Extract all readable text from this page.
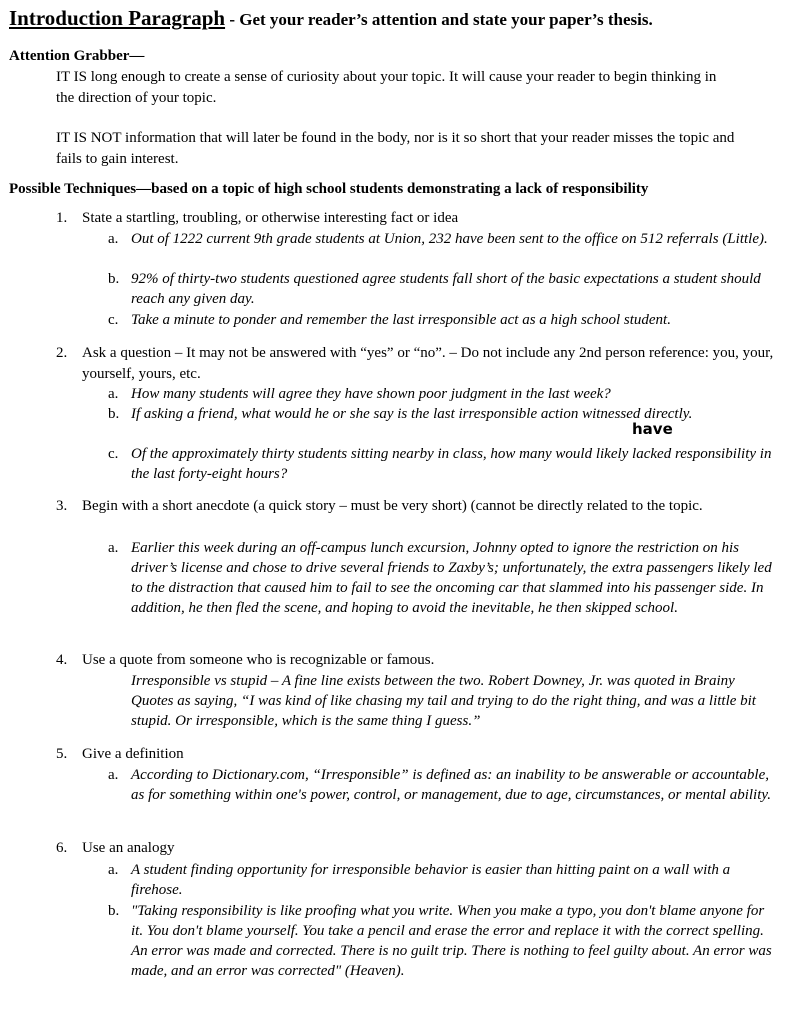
Introduction Paragraph - Get your reader’s attention and state your paper’s thesis.
Attention Grabber—
IT IS long enough to create a sense of curiosity about your topic. It will cause your reader to begin thinking in the direction of your topic.
IT IS NOT information that will later be found in the body, nor is it so short that your reader misses the topic and fails to gain interest.
Possible Techniques—based on a topic of high school students demonstrating a lack of responsibility
1. State a startling, troubling, or otherwise interesting fact or idea
a. Out of 1222 current 9th grade students at Union, 232 have been sent to the office on 512 referrals (Little).
b. 92% of thirty-two students questioned agree students fall short of the basic expectations a student should reach any given day.
c. Take a minute to ponder and remember the last irresponsible act as a high school student.
2. Ask a question – It may not be answered with “yes” or “no”. – Do not include any 2nd person reference: you, your, yourself, yours, etc.
a. How many students will agree they have shown poor judgment in the last week?
b. If asking a friend, what would he or she say is the last irresponsible action witnessed directly.
have
c. Of the approximately thirty students sitting nearby in class, how many would likely lacked responsibility in the last forty-eight hours?
3. Begin with a short anecdote (a quick story – must be very short) (cannot be directly related to the topic.
a. Earlier this week during an off-campus lunch excursion, Johnny opted to ignore the restriction on his driver’s license and chose to drive several friends to Zaxby’s; unfortunately, the extra passengers likely led to the distraction that caused him to fail to see the oncoming car that slammed into his passenger side. In addition, he then fled the scene, and hoping to avoid the inevitable, he then skipped school.
4. Use a quote from someone who is recognizable or famous.
Irresponsible vs stupid – A fine line exists between the two. Robert Downey, Jr. was quoted in Brainy Quotes as saying, “I was kind of like chasing my tail and trying to do the right thing, and was a little bit stupid. Or irresponsible, which is the same thing I guess.”
5. Give a definition
a. According to Dictionary.com, “Irresponsible” is defined as: an inability to be answerable or accountable, as for something within one's power, control, or management, due to age, circumstances, or mental ability.
6. Use an analogy
a. A student finding opportunity for irresponsible behavior is easier than hitting paint on a wall with a firehose.
b. "Taking responsibility is like proofing what you write. When you make a typo, you don't blame anyone for it. You don't blame yourself. You take a pencil and erase the error and replace it with the correct spelling. An error was made and corrected. There is no guilt trip. There is nothing to feel guilty about. An error was made, and an error was corrected" (Heaven).
